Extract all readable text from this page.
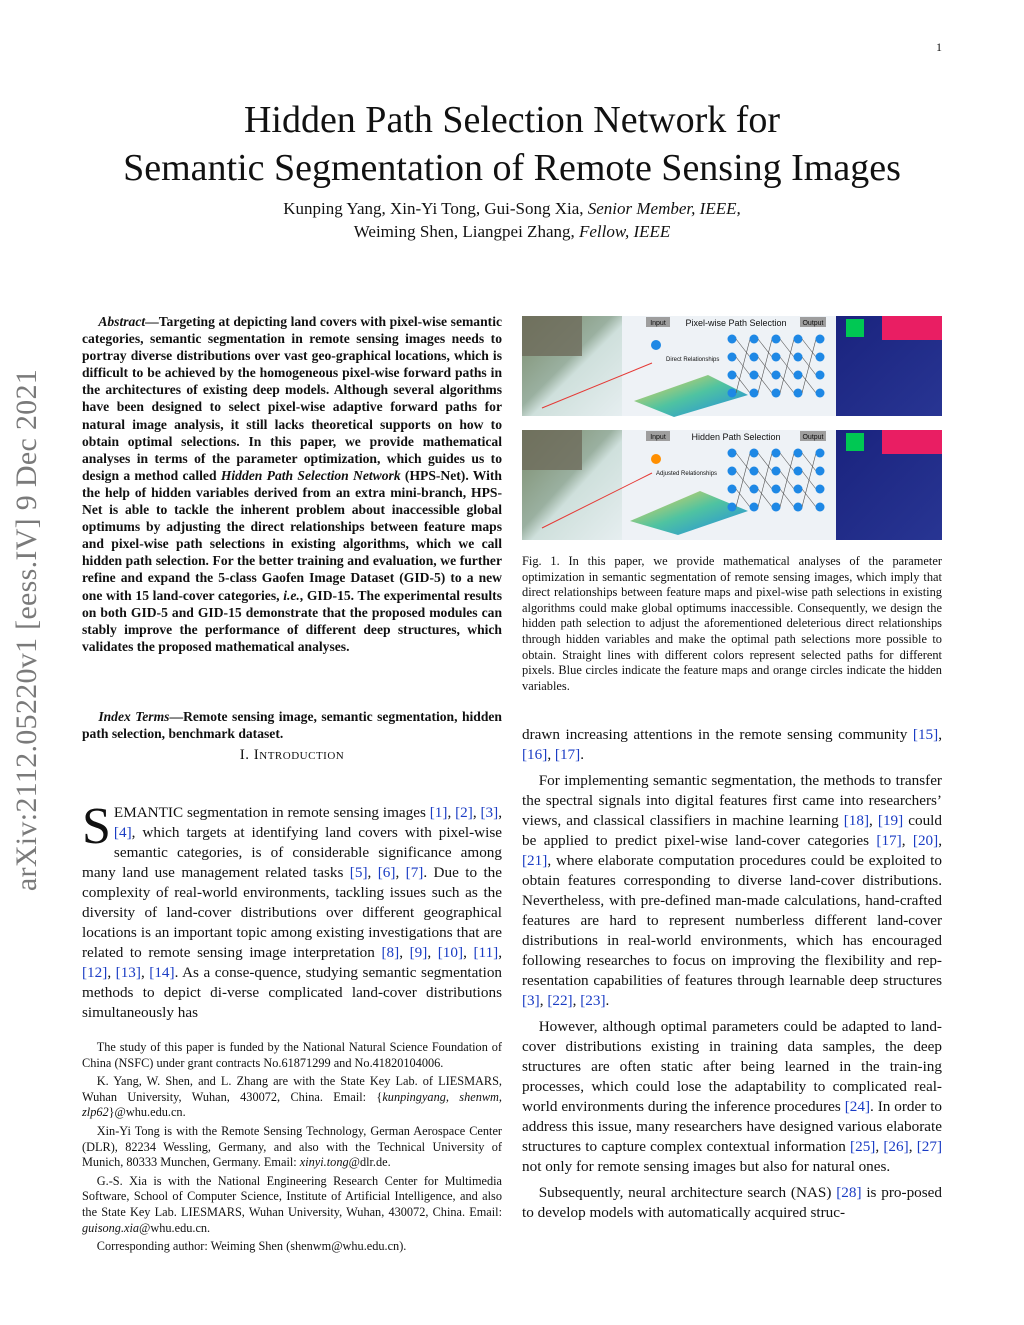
1
Hidden Path Selection Network for
Semantic Segmentation of Remote Sensing Images
Kunping Yang, Xin-Yi Tong, Gui-Song Xia, Senior Member, IEEE,
Weiming Shen, Liangpei Zhang, Fellow, IEEE
arXiv:2112.05220v1 [eess.IV] 9 Dec 2021
Abstract—Targeting at depicting land covers with pixel-wise semantic categories, semantic segmentation in remote sensing images needs to portray diverse distributions over vast geo-graphical locations, which is difficult to be achieved by the homogeneous pixel-wise forward paths in the architectures of existing deep models. Although several algorithms have been designed to select pixel-wise adaptive forward paths for natural image analysis, it still lacks theoretical supports on how to obtain optimal selections. In this paper, we provide mathematical analyses in terms of the parameter optimization, which guides us to design a method called Hidden Path Selection Network (HPS-Net). With the help of hidden variables derived from an extra mini-branch, HPS-Net is able to tackle the inherent problem about inaccessible global optimums by adjusting the direct relationships between feature maps and pixel-wise path selections in existing algorithms, which we call hidden path selection. For the better training and evaluation, we further refine and expand the 5-class Gaofen Image Dataset (GID-5) to a new one with 15 land-cover categories, i.e., GID-15. The experimental results on both GID-5 and GID-15 demonstrate that the proposed modules can stably improve the performance of different deep structures, which validates the proposed mathematical analyses.
Index Terms—Remote sensing image, semantic segmentation, hidden path selection, benchmark dataset.
I. Introduction
SEMANTIC segmentation in remote sensing images [1], [2], [3], [4], which targets at identifying land covers with pixel-wise semantic categories, is of considerable significance among many land use management related tasks [5], [6], [7]. Due to the complexity of real-world environments, tackling issues such as the diversity of land-cover distributions over different geographical locations is an important topic among existing investigations that are related to remote sensing image interpretation [8], [9], [10], [11], [12], [13], [14]. As a conse-quence, studying semantic segmentation methods to depict di-verse complicated land-cover distributions simultaneously has

The study of this paper is funded by the National Natural Science Foundation of China (NSFC) under grant contracts No.61871299 and No.41820104006.

K. Yang, W. Shen, and L. Zhang are with the State Key Lab. of LIESMARS, Wuhan University, Wuhan, 430072, China. Email: {kunpingyang, shenwm, zlp62}@whu.edu.cn.

Xin-Yi Tong is with the Remote Sensing Technology, German Aerospace Center (DLR), 82234 Wessling, Germany, and also with the Technical University of Munich, 80333 Munchen, Germany. Email: xinyi.tong@dlr.de.

G.-S. Xia is with the National Engineering Research Center for Multimedia Software, School of Computer Science, Institute of Artificial Intelligence, and also the State Key Lab. LIESMARS, Wuhan University, Wuhan, 430072, China. Email: guisong.xia@whu.edu.cn.

Corresponding author: Weiming Shen (shenwm@whu.edu.cn).

Input Pixel-wise Path Selection Output
Direct Relationships
Input	Hidden Path Selection	Output
Adjusted Relationships
Fig. 1. In this paper, we provide mathematical analyses of the parameter optimization in semantic segmentation of remote sensing images, which imply that direct relationships between feature maps and pixel-wise path selections in existing algorithms could make global optimums inaccessible. Consequently, we design the hidden path selection to adjust the aforementioned deleterious direct relationships through hidden variables and make the optimal path selections more possible to obtain. Straight lines with different colors represent selected paths for different pixels. Blue circles indicate the feature maps and orange circles indicate the hidden variables.

drawn increasing attentions in the remote sensing community [15], [16], [17].

For implementing semantic segmentation, the methods to transfer the spectral signals into digital features first came into researchers’ views, and classical classifiers in machine learning [18], [19] could be applied to predict pixel-wise land-cover categories [17], [20], [21], where elaborate computation procedures could be exploited to obtain features corresponding to diverse land-cover distributions. Nevertheless, with pre-defined man-made calculations, hand-crafted features are hard to represent numberless different land-cover distributions in real-world environments, which has encouraged following researches to focus on improving the flexibility and rep-resentation capabilities of features through learnable deep structures [3], [22], [23].

However, although optimal parameters could be adapted to land-cover distributions existing in training data samples, the deep structures are often static after being learned in the train-ing processes, which could lose the adaptability to complicated real-world environments during the inference procedures [24]. In order to address this issue, many researchers have designed various elaborate structures to capture complex contextual information [25], [26], [27] not only for remote sensing images but also for natural ones.

Subsequently, neural architecture search (NAS) [28] is pro-posed to develop models with automatically acquired struc-
